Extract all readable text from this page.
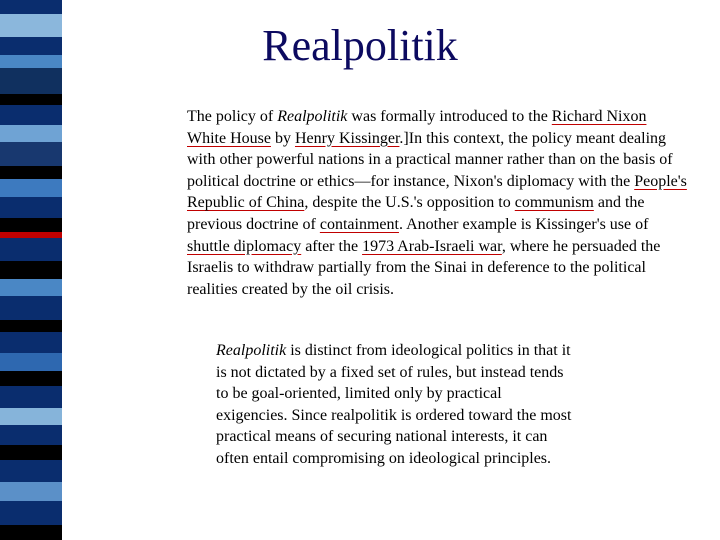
Realpolitik
The policy of Realpolitik was formally introduced to the Richard Nixon White House by Henry Kissinger.]In this context, the policy meant dealing with other powerful nations in a practical manner rather than on the basis of political doctrine or ethics—for instance, Nixon's diplomacy with the People's Republic of China, despite the U.S.'s opposition to communism and the previous doctrine of containment. Another example is Kissinger's use of shuttle diplomacy after the 1973 Arab-Israeli war, where he persuaded the Israelis to withdraw partially from the Sinai in deference to the political realities created by the oil crisis.
Realpolitik is distinct from ideological politics in that it is not dictated by a fixed set of rules, but instead tends to be goal-oriented, limited only by practical exigencies. Since realpolitik is ordered toward the most practical means of securing national interests, it can often entail compromising on ideological principles.
